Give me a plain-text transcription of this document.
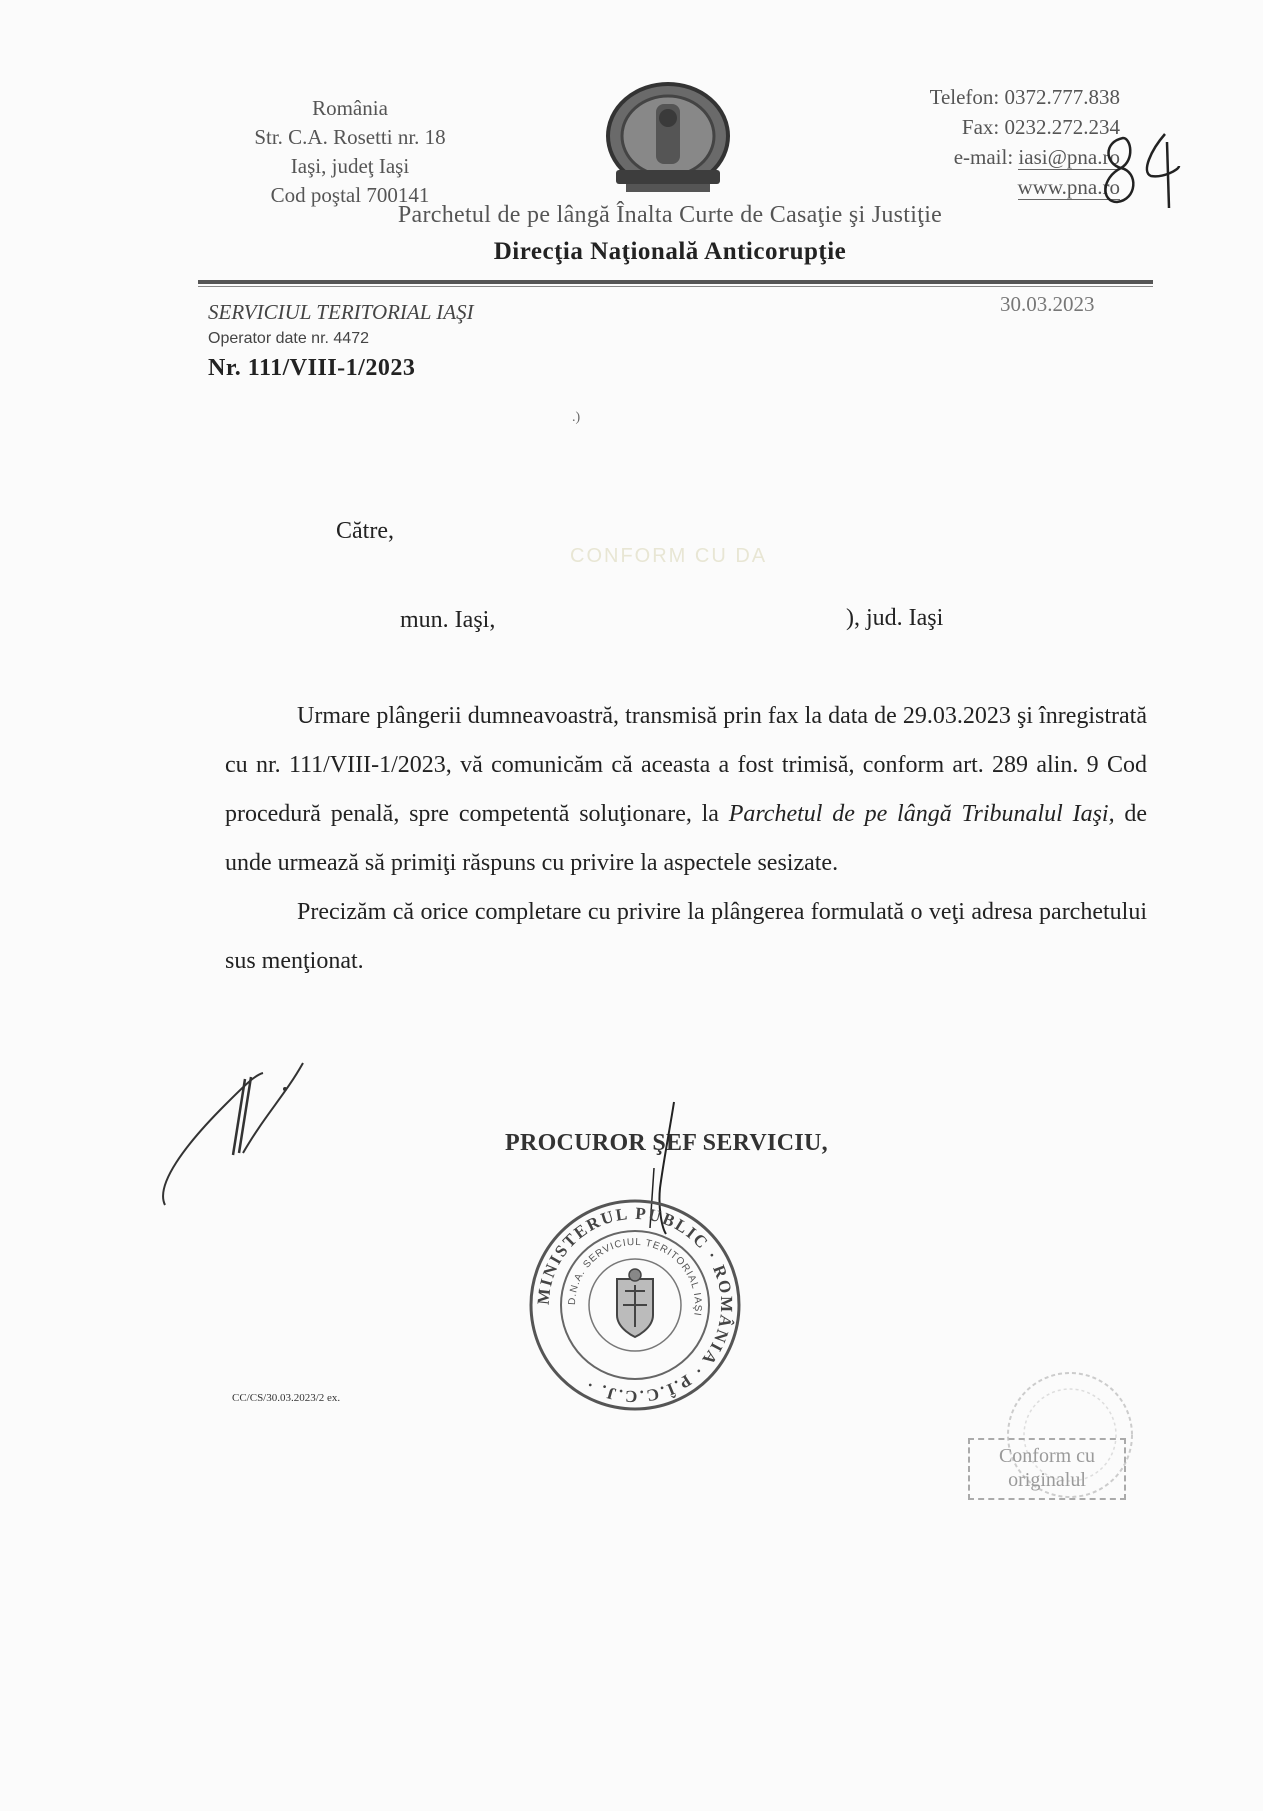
România
Str. C.A. Rosetti nr. 18
Iaşi, judeţ Iaşi
Cod poştal 700141
Telefon: 0372.777.838
Fax: 0232.272.234
e-mail: iasi@pna.ro
www.pna.ro
Parchetul de pe lângă Înalta Curte de Casaţie şi Justiţie
Direcţia Naţională Anticorupţie
SERVICIUL TERITORIAL IAŞI
Operator date nr. 4472
Nr. 111/VIII-1/2023
30.03.2023
.)
Către,
CONFORM CU DA
mun. Iaşi,	), jud. Iaşi

Urmare plângerii dumneavoastră, transmisă prin fax la data de 29.03.2023 şi înregistrată cu nr. 111/VIII-1/2023, vă comunicăm că aceasta a fost trimisă, conform art. 289 alin. 9 Cod procedură penală, spre competentă soluţionare, la Parchetul de pe lângă Tribunalul Iaşi, de unde urmează să primiţi răspuns cu privire la aspectele sesizate.

Precizăm că orice completare cu privire la plângerea formulată o veţi adresa parchetului sus menţionat.

PROCUROR ŞEF SERVICIU,
MINISTERUL PUBLIC · ROMÂNIA · P.Î.C.C.J. ·
D.N.A. SERVICIUL TERITORIAL IAŞI
CC/CS/30.03.2023/2 ex.
Conform cu
originalul
